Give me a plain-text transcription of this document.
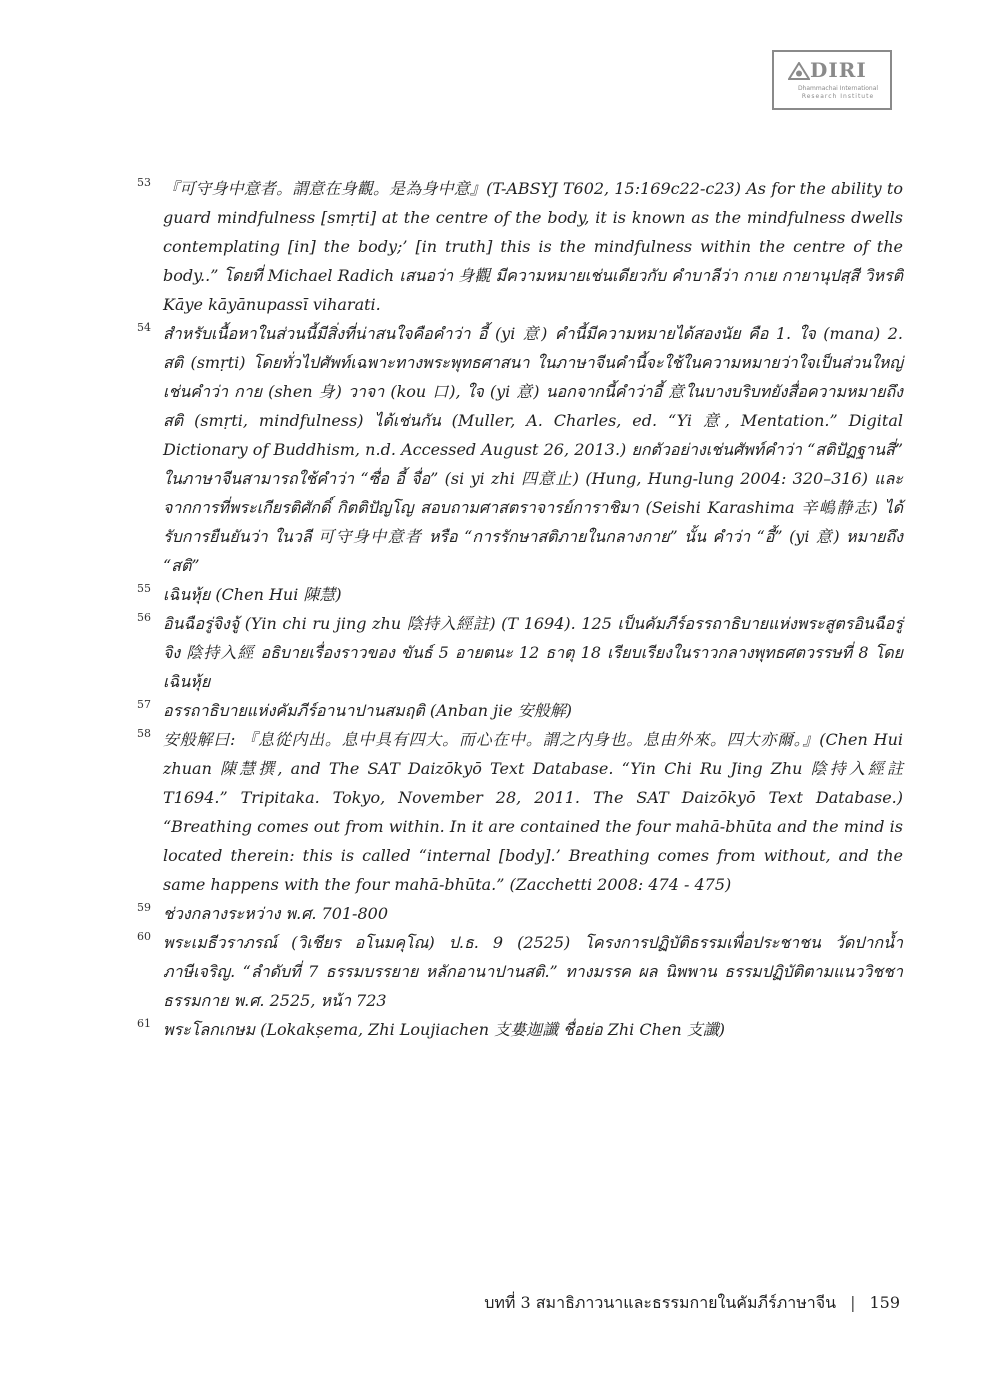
DIRI
Dhammachai International
Research Institute
53 『可守身中意者。謂意在身觀。是為身中意』(T-ABSYJ T602, 15:169c22-c23) As for the ability to guard mindfulness [smṛti] at the centre of the body, it is known as the mindfulness dwells contemplating [in] the body;’ [in truth] this is the mindfulness within the centre of the body..” โดยที่ Michael Radich เสนอว่า 身觀 มีความหมายเช่นเดียวกับ คำบาลีว่า กาเย กายานุปสฺสี วิหรติ Kāye kāyānupassī viharati.
54 สำหรับเนื้อหาในส่วนนี้มีสิ่งที่น่าสนใจคือคำว่า อี้ (yi 意) คำนี้มีความหมายได้สองนัย คือ 1. ใจ (mana) 2. สติ (smṛti) โดยทั่วไปศัพท์เฉพาะทางพระพุทธศาสนา ในภาษาจีนคำนี้จะใช้ในความหมายว่าใจเป็นส่วนใหญ่ เช่นคำว่า กาย (shen 身) วาจา (kou 口), ใจ (yi 意) นอกจากนี้คำว่าอี้ 意ในบางบริบทยังสื่อความหมายถึง สติ (smṛti, mindfulness) ได้เช่นกัน (Muller, A. Charles, ed. “Yi 意, Mentation.” Digital Dictionary of Buddhism, n.d. Accessed August 26, 2013.) ยกตัวอย่างเช่นศัพท์คำว่า “สติปัฏฐานสี่” ในภาษาจีนสามารถใช้คำว่า “ซื่อ อี้ จื่อ” (si yi zhi 四意止) (Hung, Hung-lung 2004: 320–316) และจากการที่พระเกียรติศักดิ์ กิตติปัญโญ สอบถามศาสตราจารย์การาชิมา (Seishi Karashima 辛嶋静志) ได้รับการยืนยันว่า ในวลี 可守身中意者 หรือ “การรักษาสติภายในกลางกาย” นั้น คำว่า “อี้” (yi 意) หมายถึง “สติ”
55 เฉินหุ้ย (Chen Hui 陳慧)
56 อินฉือรู่จิงจู้ (Yin chi ru jing zhu 陰持入經註) (T 1694). 125 เป็นคัมภีร์อรรถาธิบายแห่งพระสูตรอินฉือรู่จิง 陰持入經 อธิบายเรื่องราวของ ขันธ์ 5 อายตนะ 12 ธาตุ 18 เรียบเรียงในราวกลางพุทธศตวรรษที่ 8 โดยเฉินหุ้ย
57 อรรถาธิบายแห่งคัมภีร์อานาปานสมฤติ (Anban jie 安般解)
58 安般解曰: 『息從内出。息中具有四大。而心在中。謂之内身也。息由外來。四大亦爾。』(Chen Hui zhuan 陳慧撰, and The SAT Daizōkyō Text Database. “Yin Chi Ru Jing Zhu 陰持入經註 T1694.” Tripitaka. Tokyo, November 28, 2011. The SAT Daizōkyō Text Database.) “Breathing comes out from within. In it are contained the four mahā-bhūta and the mind is located therein: this is called “internal [body].’ Breathing comes from without, and the same happens with the four mahā-bhūta.” (Zacchetti 2008: 474 - 475)
59 ช่วงกลางระหว่าง พ.ศ. 701-800
60 พระเมธีวราภรณ์ (วิเชียร อโนมคุโณ) ป.ธ. 9 (2525) โครงการปฏิบัติธรรมเพื่อประชาชน วัดปากน้ำภาษีเจริญ. “ลำดับที่ 7 ธรรมบรรยาย หลักอานาปานสติ.” ทางมรรค ผล นิพพาน ธรรมปฏิบัติตามแนววิชชาธรรมกาย พ.ศ. 2525, หน้า 723
61 พระโลกเกษม (Lokakṣema, Zhi Loujiachen 支婁迦讖 ชื่อย่อ Zhi Chen 支讖)
บทที่ 3 สมาธิภาวนาและธรรมกายในคัมภีร์ภาษาจีน | 159
